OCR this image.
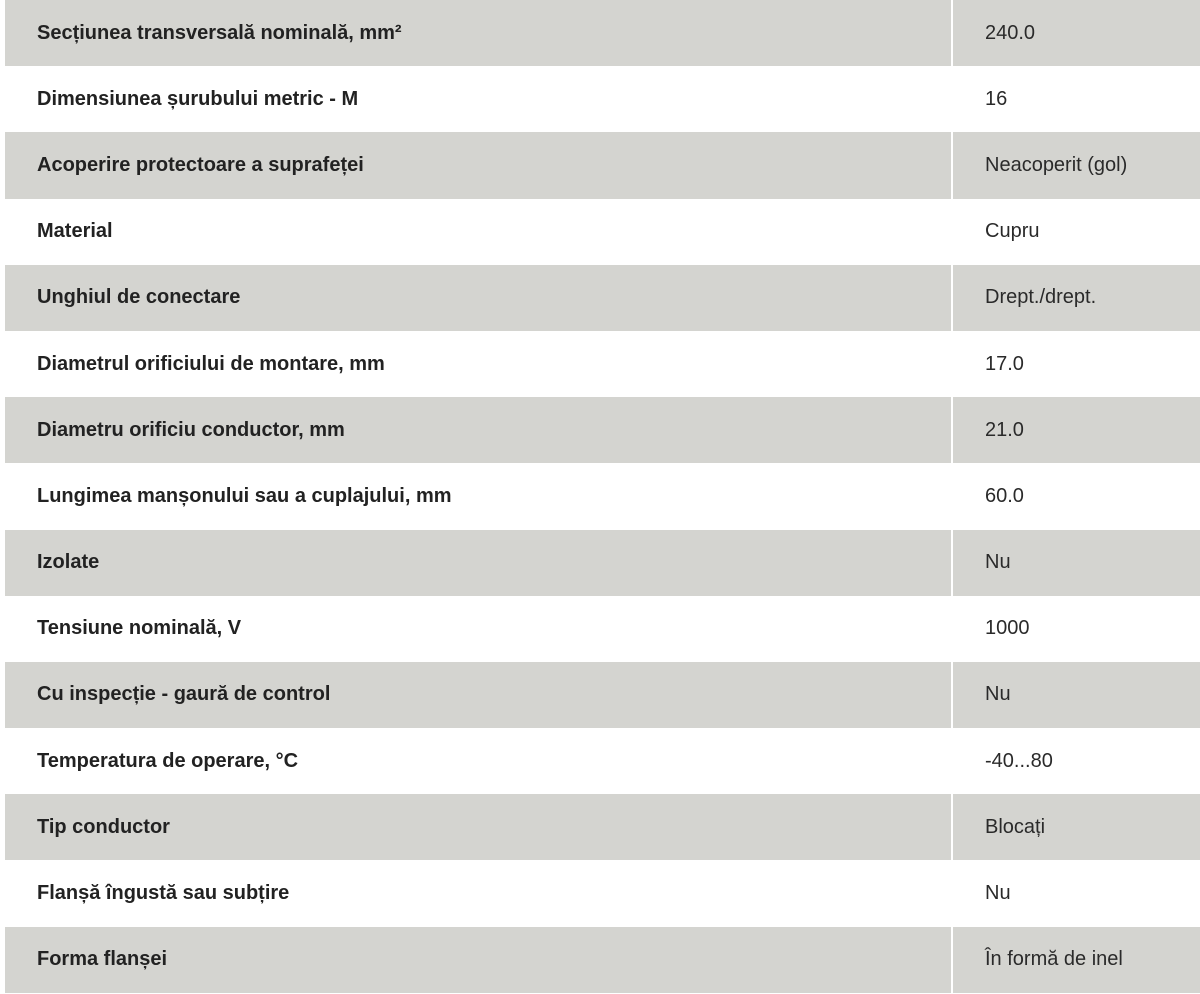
Secțiunea transversală nominală, mm²	240.0
Dimensiunea șurubului metric - M	16
Acoperire protectoare a suprafeței	Neacoperit (gol)
Material	Cupru
Unghiul de conectare	Drept./drept.
Diametrul orificiului de montare, mm	17.0
Diametru orificiu conductor, mm	21.0
Lungimea manșonului sau a cuplajului, mm	60.0
Izolate	Nu
Tensiune nominală, V	1000
Cu inspecție - gaură de control	Nu
Temperatura de operare, °C	-40...80
Tip conductor	Blocați
Flanșă îngustă sau subțire	Nu
Forma flanșei	În formă de inel
